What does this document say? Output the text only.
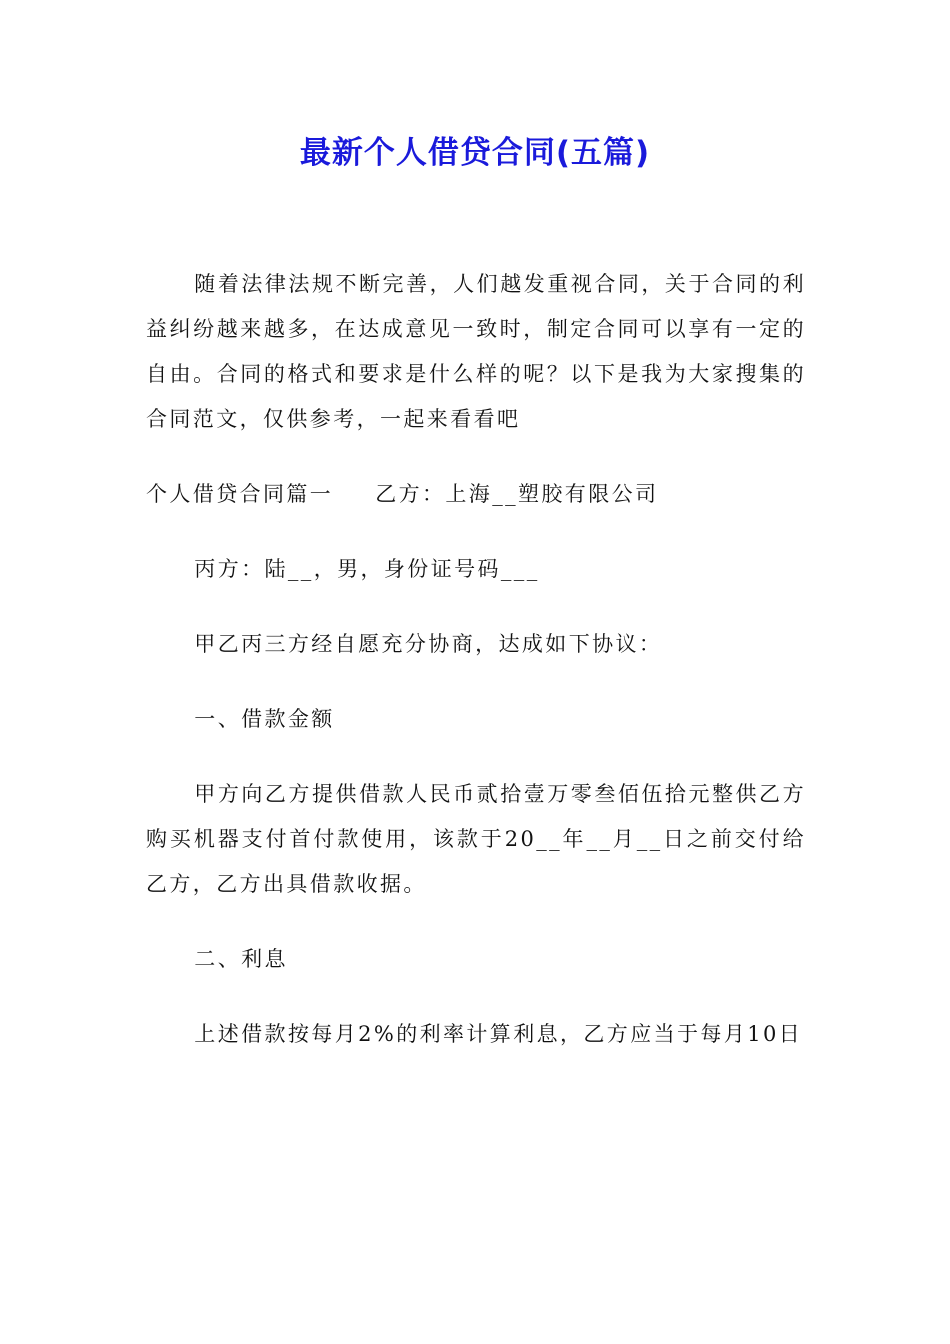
最新个人借贷合同(五篇)

随着法律法规不断完善，人们越发重视合同，关于合同的利益纠纷越来越多，在达成意见一致时，制定合同可以享有一定的自由。合同的格式和要求是什么样的呢？以下是我为大家搜集的合同范文，仅供参考，一起来看看吧

个人借贷合同篇一 乙方：上海__塑胶有限公司

丙方：陆__，男，身份证号码___

甲乙丙三方经自愿充分协商，达成如下协议：

一、借款金额

甲方向乙方提供借款人民币贰拾壹万零叁佰伍拾元整供乙方购买机器支付首付款使用，该款于20__年__月__日之前交付给乙方，乙方出具借款收据。

二、利息

上述借款按每月2%的利率计算利息，乙方应当于每月10日
